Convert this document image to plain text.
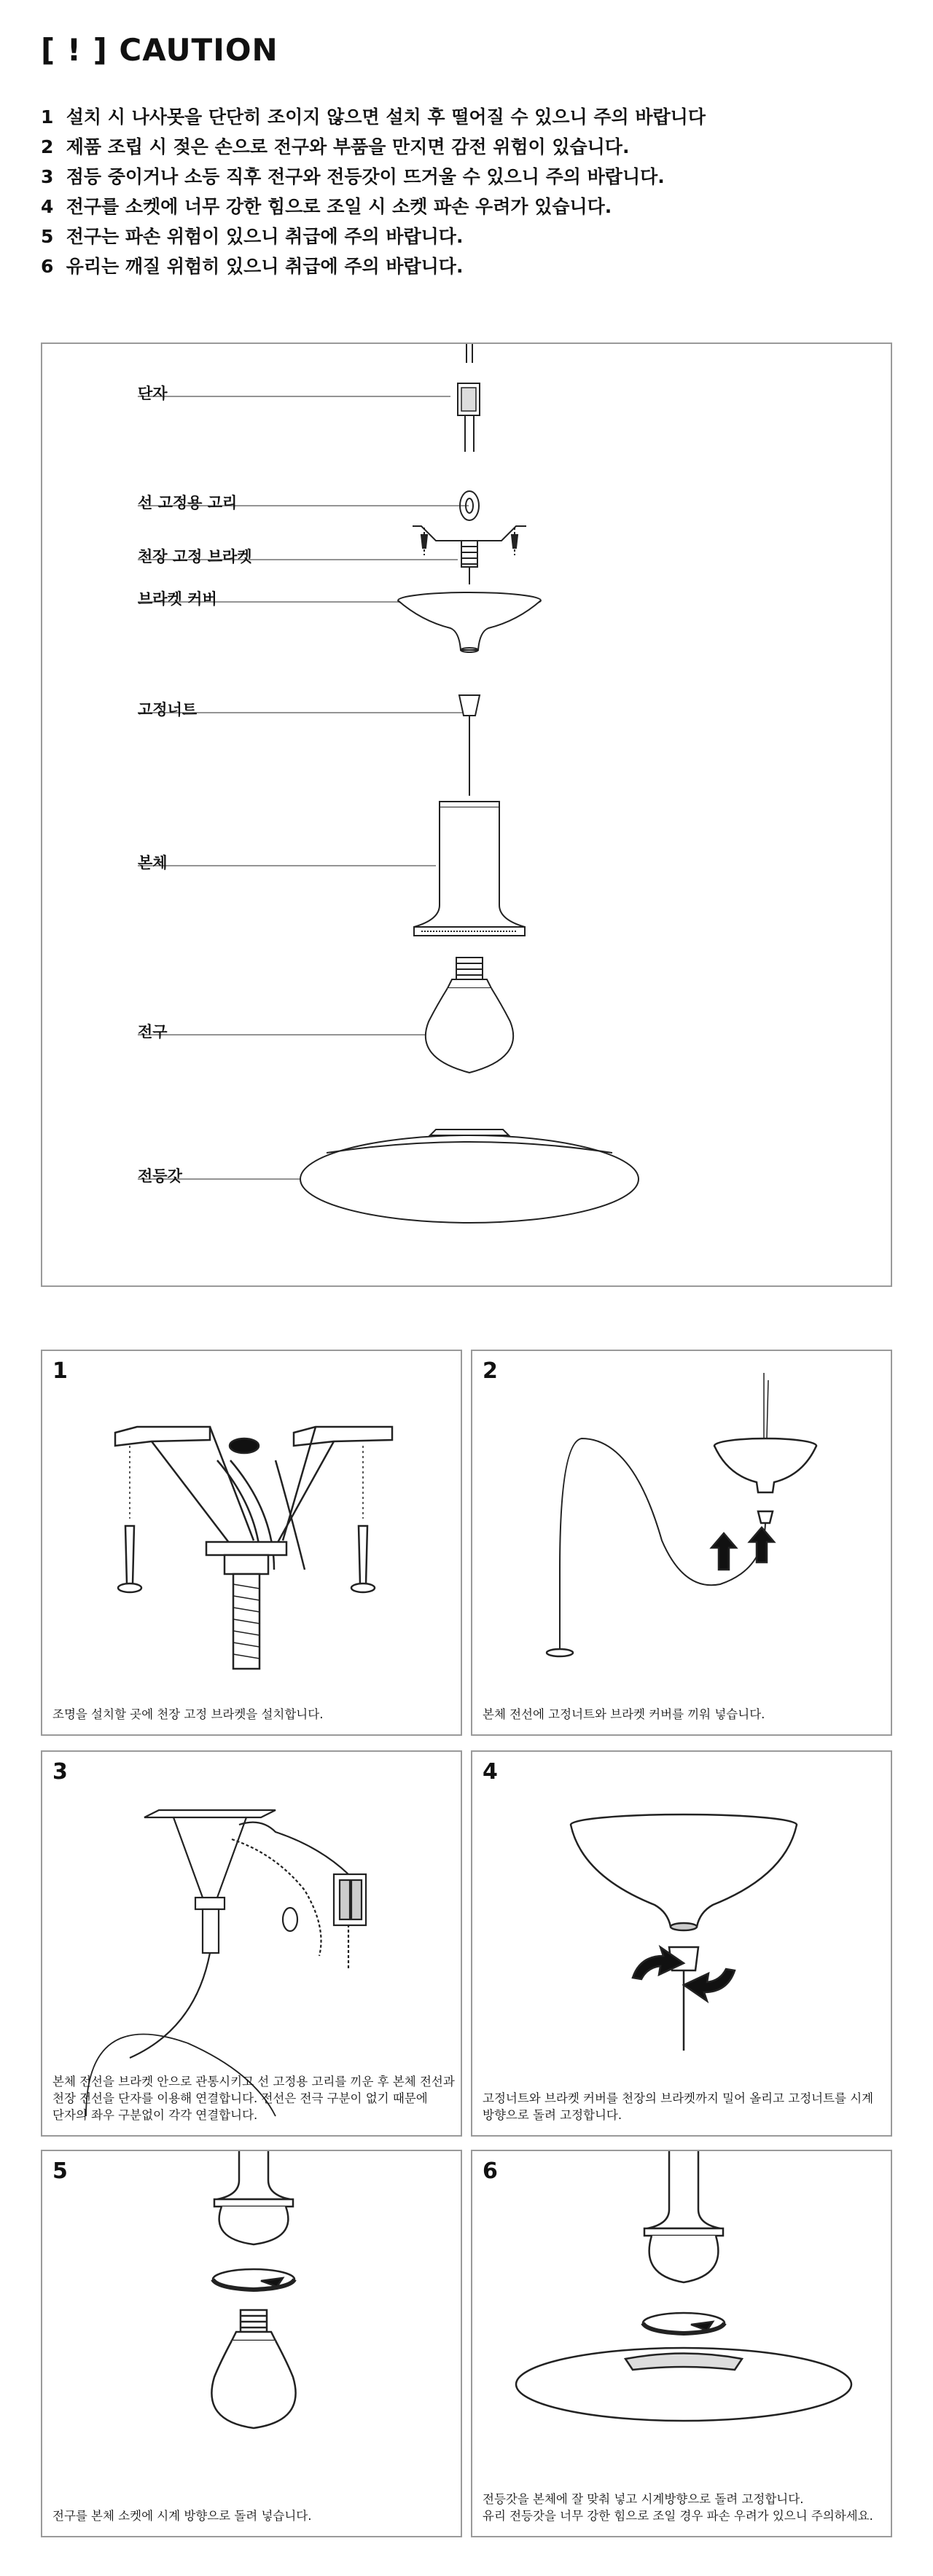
[ ! ] CAUTION
1 설치 시 나사못을 단단히 조이지 않으면 설치 후 떨어질 수 있으니 주의 바랍니다
2 제품 조립 시 젖은 손으로 전구와 부품을 만지면 감전 위험이 있습니다.
3 점등 중이거나 소등 직후 전구와 전등갓이 뜨거울 수 있으니 주의 바랍니다.
4 전구를 소켓에 너무 강한 힘으로 조일 시 소켓 파손 우려가 있습니다.
5 전구는 파손 위험이 있으니 취급에 주의 바랍니다.
6 유리는 깨질 위험히 있으니 취급에 주의 바랍니다.
단자
선 고정용 고리
천장 고정 브라켓
브라켓 커버
고정너트
본체
전구
전등갓
1
조명을 설치할 곳에 천장 고정 브라켓을 설치합니다.
2
본체 전선에 고정너트와 브라켓 커버를 끼워 넣습니다.
3
본체 전선을 브라켓 안으로 관통시키고 선 고정용 고리를 끼운 후 본체 전선과
천장 전선을 단자를 이용해 연결합니다. 전선은 전극 구분이 없기 때문에
단자의 좌우 구분없이 각각 연결합니다.
4
고정너트와 브라켓 커버를 천장의 브라켓까지 밀어 올리고 고정너트를 시계
방향으로 돌려 고정합니다.
5
전구를 본체 소켓에 시계 방향으로 돌려 넣습니다.
6
전등갓을 본체에 잘 맞춰 넣고 시계방향으로 돌려 고정합니다.
유리 전등갓을 너무 강한 힘으로 조일 경우 파손 우려가 있으니 주의하세요.
